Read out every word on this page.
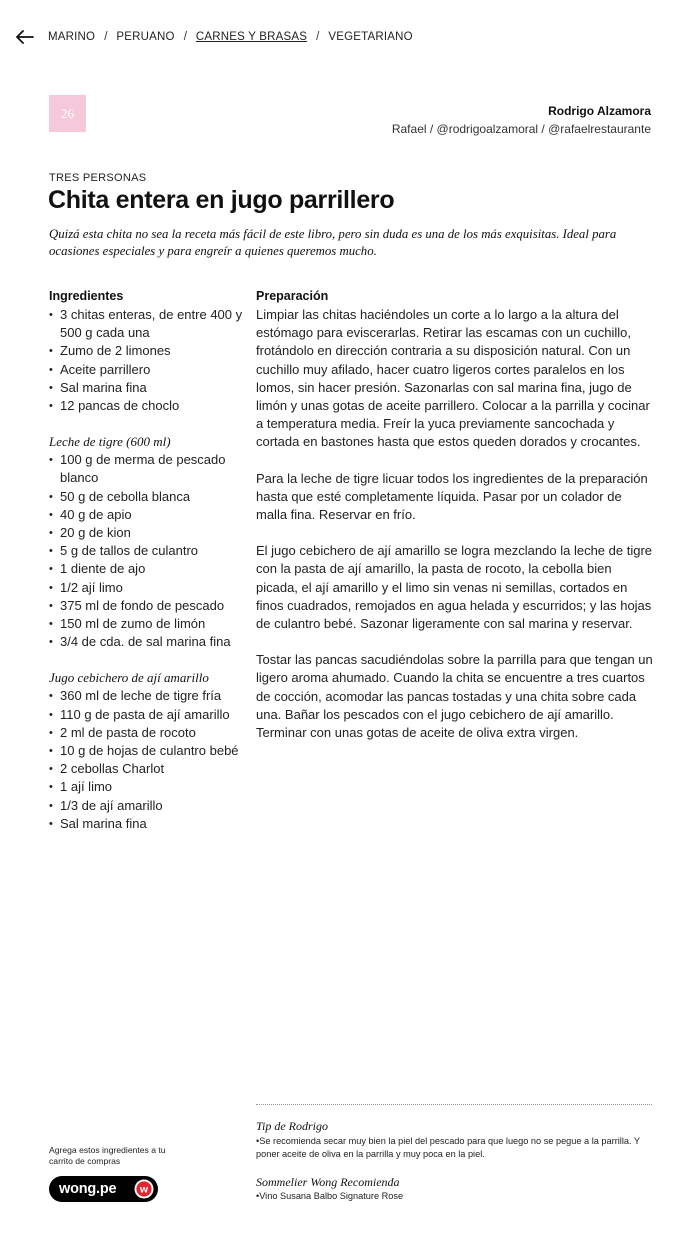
MARINO / PERUANO / CARNES Y BRASAS / VEGETARIANO
26	Rodrigo Alzamora
Rafael / @rodrigoalzamoral / @rafaelrestaurante
TRES PERSONAS
Chita entera en jugo parrillero

Quizá esta chita no sea la receta más fácil de este libro, pero sin duda es una de los más exquisitas. Ideal para ocasiones especiales y para engreír a quienes queremos mucho.

Ingredientes
• 3 chitas enteras, de entre 400 y 500 g cada una
• Zumo de 2 limones
• Aceite parrillero
• Sal marina fina
• 12 pancas de choclo
Leche de tigre (600 ml)
• 100 g de merma de pescado blanco
• 50 g de cebolla blanca
• 40 g de apio
• 20 g de kion
• 5 g de tallos de culantro
• 1 diente de ajo
• 1/2 ají limo
• 375 ml de fondo de pescado
• 150 ml de zumo de limón
• 3/4 de cda. de sal marina fina
Jugo cebichero de ají amarillo
• 360 ml de leche de tigre fría
• 110 g de pasta de ají amarillo
• 2 ml de pasta de rocoto
• 10 g de hojas de culantro bebé
• 2 cebollas Charlot
• 1 ají limo
• 1/3 de ají amarillo
• Sal marina fina
Preparación

Limpiar las chitas haciéndoles un corte a lo largo a la altura del estómago para eviscerarlas. Retirar las escamas con un cuchillo, frotándolo en dirección contraria a su disposición natural. Con un cuchillo muy afilado, hacer cuatro ligeros cortes paralelos en los lomos, sin hacer presión. Sazonarlas con sal marina fina, jugo de limón y unas gotas de aceite parrillero. Colocar a la parrilla y cocinar a temperatura media. Freír la yuca previamente sancochada y cortada en bastones hasta que estos queden dorados y crocantes.

Para la leche de tigre licuar todos los ingredientes de la preparación hasta que esté completamente líquida. Pasar por un colador de malla fina. Reservar en frío.

El jugo cebichero de ají amarillo se logra mezclando la leche de tigre con la pasta de ají amarillo, la pasta de rocoto, la cebolla bien picada, el ají amarillo y el limo sin venas ni semillas, cortados en finos cuadrados, remojados en agua helada y escurridos; y las hojas de culantro bebé. Sazonar ligeramente con sal marina y reservar.

Tostar las pancas sacudiéndolas sobre la parrilla para que tengan un ligero aroma ahumado. Cuando la chita se encuentre a tres cuartos de cocción, acomodar las pancas tostadas y una chita sobre cada una. Bañar los pescados con el jugo cebichero de ají amarillo. Terminar con unas gotas de aceite de oliva extra virgen.

Tip de Rodrigo

•Se recomienda secar muy bien la piel del pescado para que luego no se pegue a la parrilla. Y poner aceite de oliva en la parrilla y muy poca en la piel.

Sommelier Wong Recomienda
•Vino Susana Balbo Signature Rose

Agrega estos ingredientes a tu carrito de compras

wong.pe w
